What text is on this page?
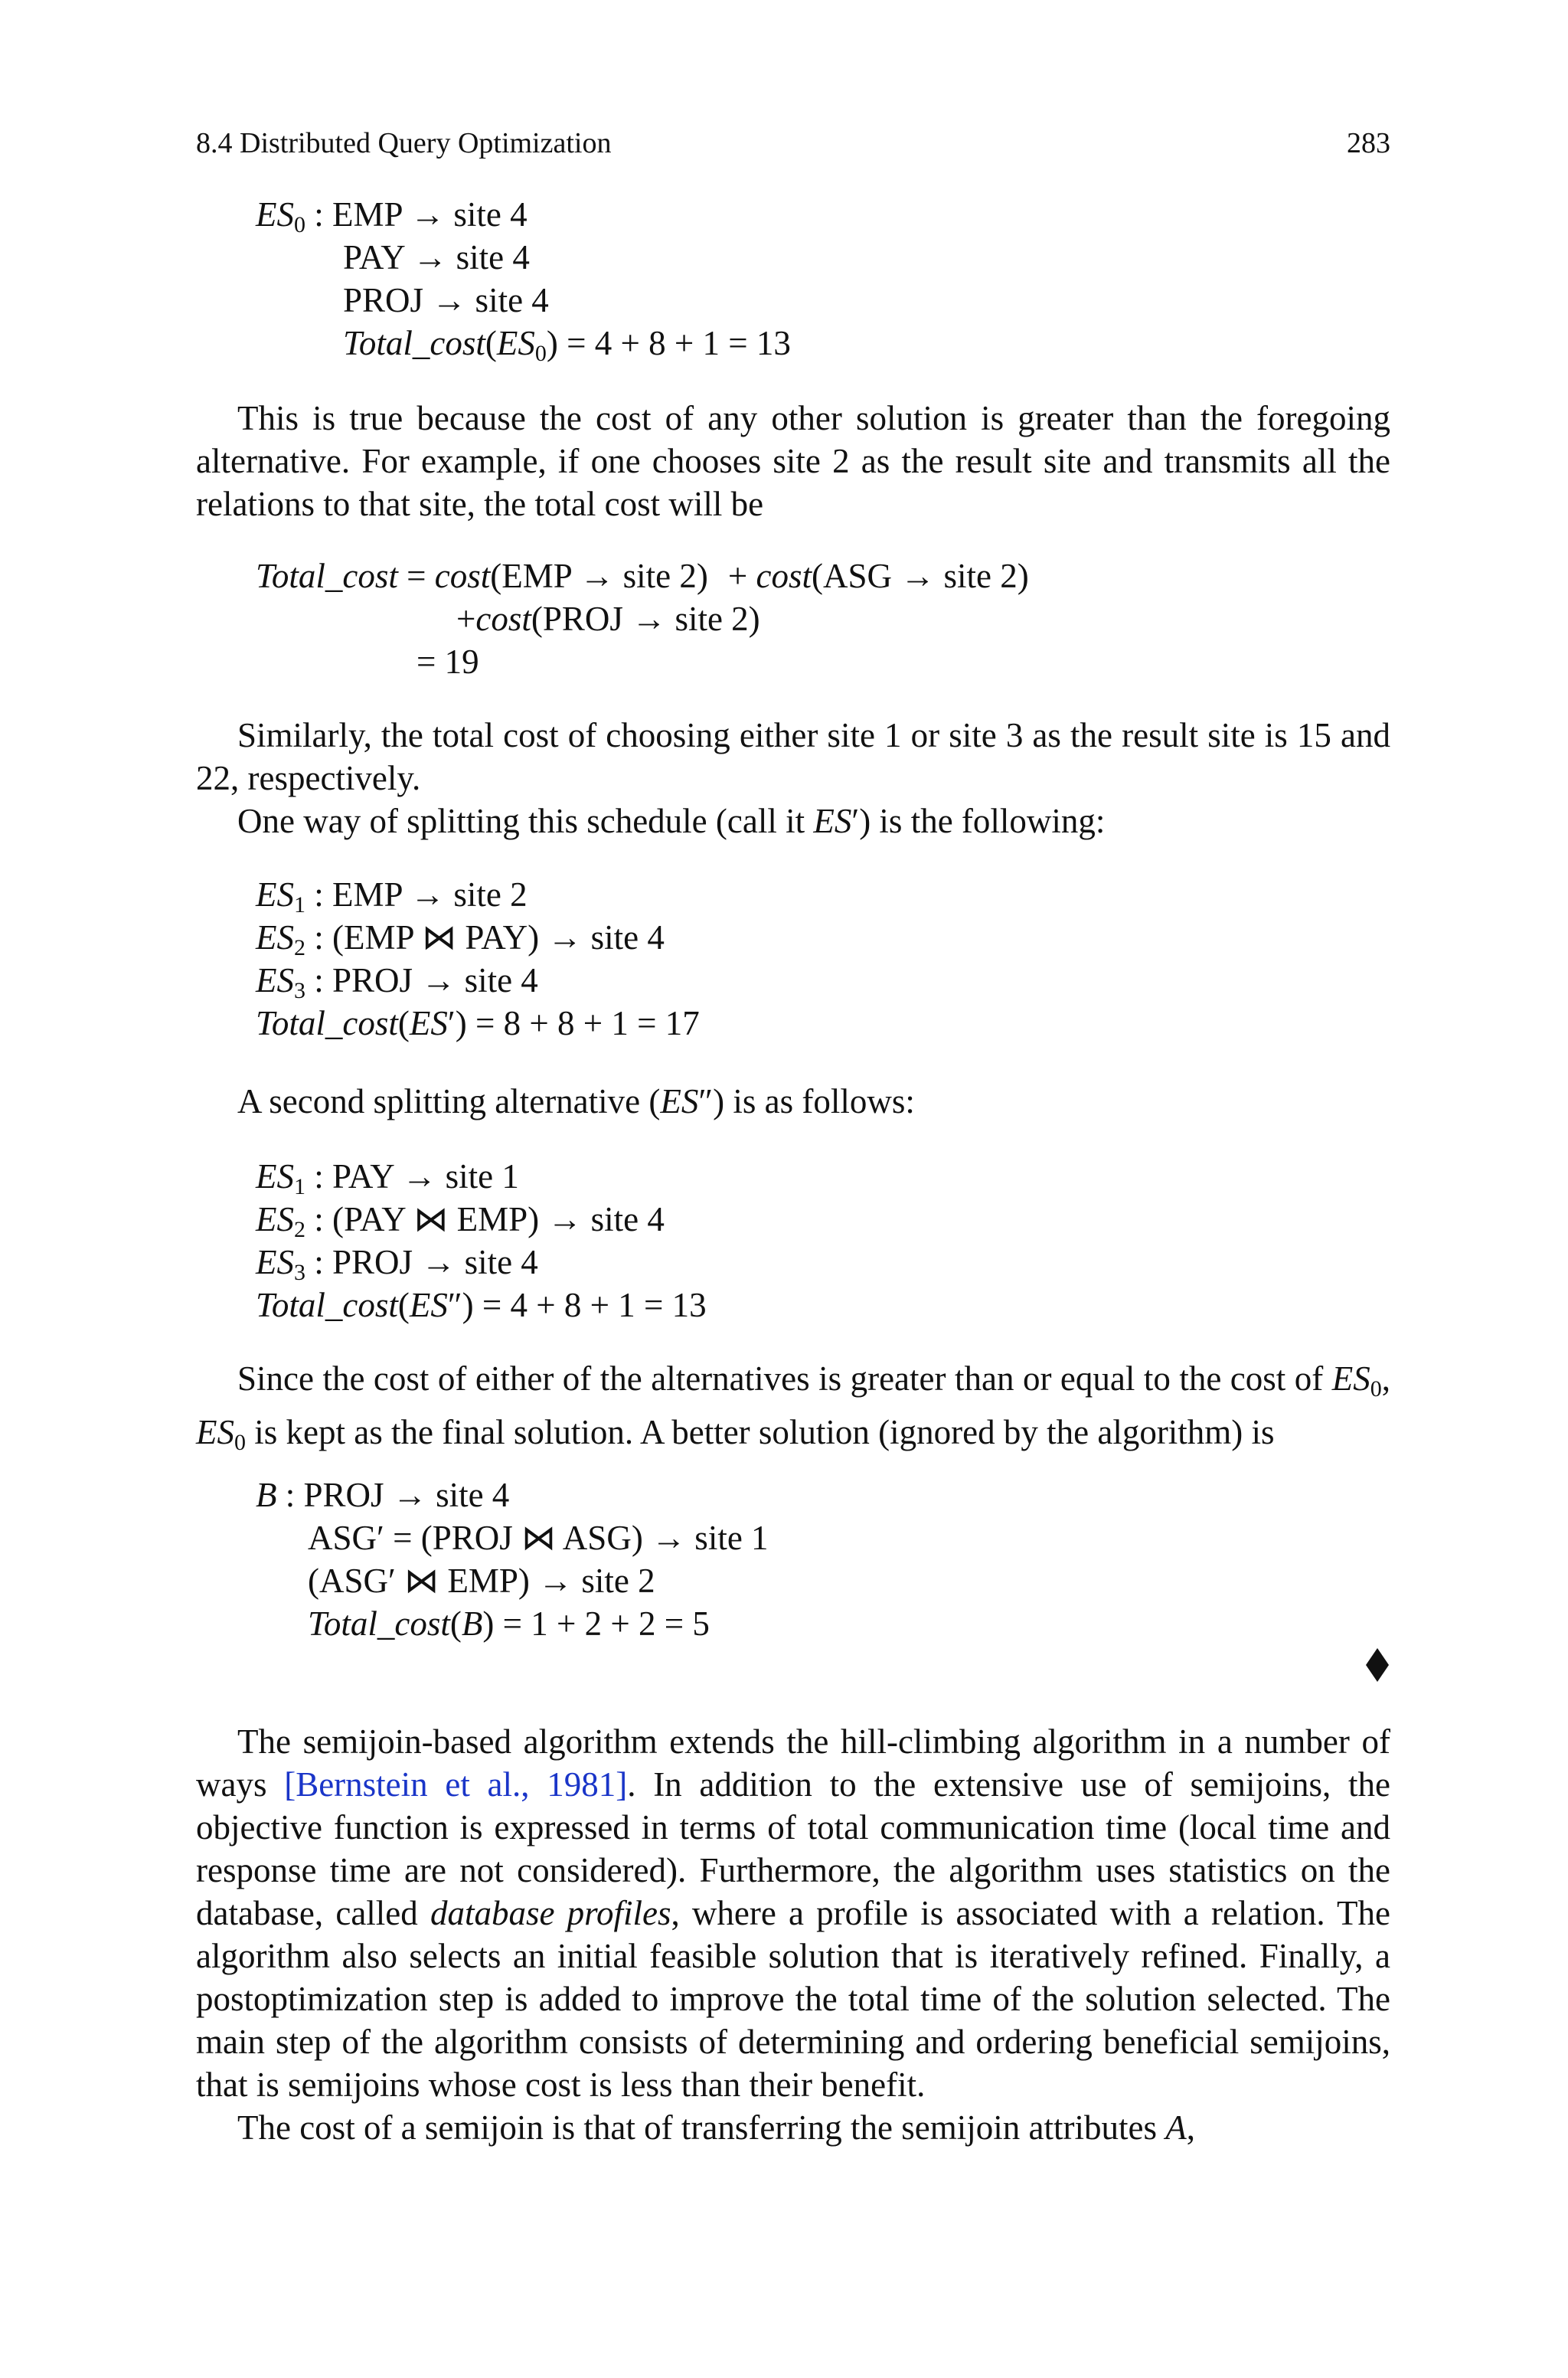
8.4 Distributed Query Optimization	283
$ES_0$ : EMP → site 4
PAY → site 4
PROJ → site 4
$Total\_\cos t(ES_0) = 4 + 8 + 1 = 13$

This is true because the cost of any other solution is greater than the foregoing alternative. For example, if one chooses site 2 as the result site and transmits all the relations to that site, the total cost will be

Total_cost = cost(EMP → site 2) + cost(ASG → site 2)
+cost(PROJ → site 2)
= 19

Similarly, the total cost of choosing either site 1 or site 3 as the result site is 15 and 22, respectively.

One way of splitting this schedule (call it ES′) is the following:

$ES_1$ : EMP → site 2
$ES_2$ : (EMP ⋈ PAY) → site 4
$ES_3$ : PROJ → site 4
Total_cost(ES′) = 8 + 8 + 1 = 17

A second splitting alternative (ES″) is as follows:

$ES_1$ : PAY → site 1
$ES_2$ : (PAY ⋈ EMP) → site 4
$ES_3$ : PROJ → site 4
Total_cost(ES″) = 4 + 8 + 1 = 13

Since the cost of either of the alternatives is greater than or equal to the cost of $ES_0$, $ES_0$ is kept as the final solution. A better solution (ignored by the algorithm) is

B : PROJ → site 4
ASG′ = (PROJ ⋈ ASG) → site 1
(ASG′ ⋈ EMP) → site 2
Total_cost(B) = 1 + 2 + 2 = 5

The semijoin-based algorithm extends the hill-climbing algorithm in a number of ways [Bernstein et al., 1981]. In addition to the extensive use of semijoins, the objective function is expressed in terms of total communication time (local time and response time are not considered). Furthermore, the algorithm uses statistics on the database, called database profiles, where a profile is associated with a relation. The algorithm also selects an initial feasible solution that is iteratively refined. Finally, a postoptimization step is added to improve the total time of the solution selected. The main step of the algorithm consists of determining and ordering beneficial semijoins, that is semijoins whose cost is less than their benefit.

The cost of a semijoin is that of transferring the semijoin attributes A,
